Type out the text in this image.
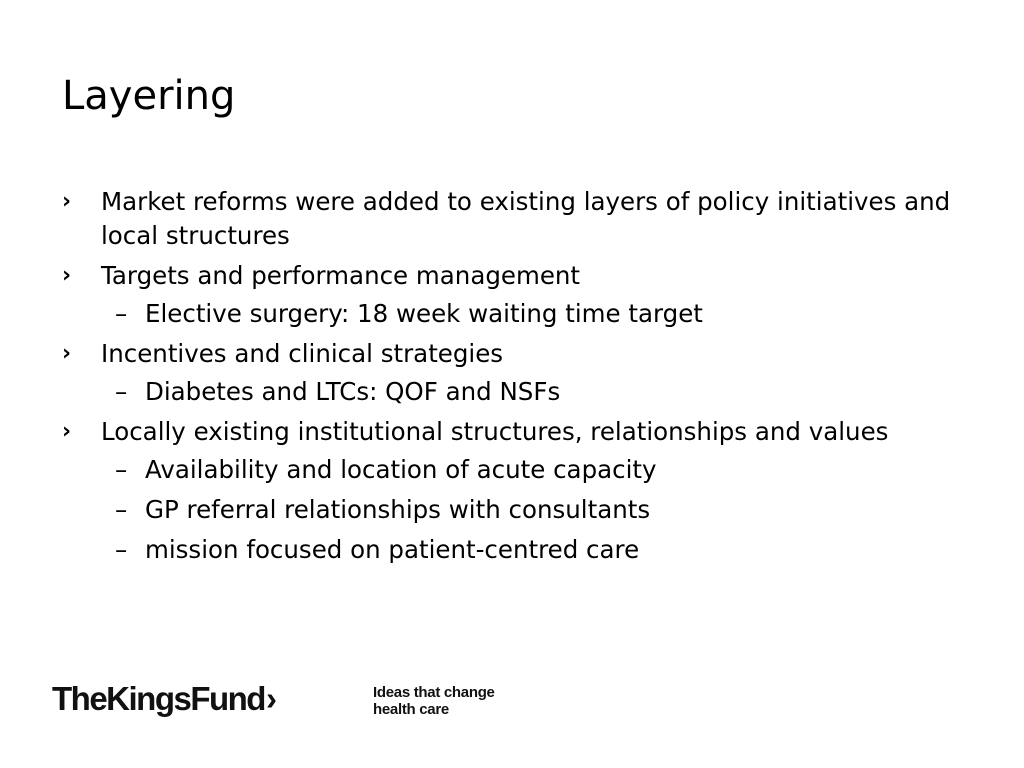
Layering
› Market reforms were added to existing layers of policy initiatives and local structures
› Targets and performance management
– Elective surgery: 18 week waiting time target
› Incentives and clinical strategies
– Diabetes and LTCs: QOF and NSFs
› Locally existing institutional structures, relationships and values
– Availability and location of acute capacity
– GP referral relationships with consultants
– mission focused on patient-centred care
TheKingsFund›	Ideas that change
health care
